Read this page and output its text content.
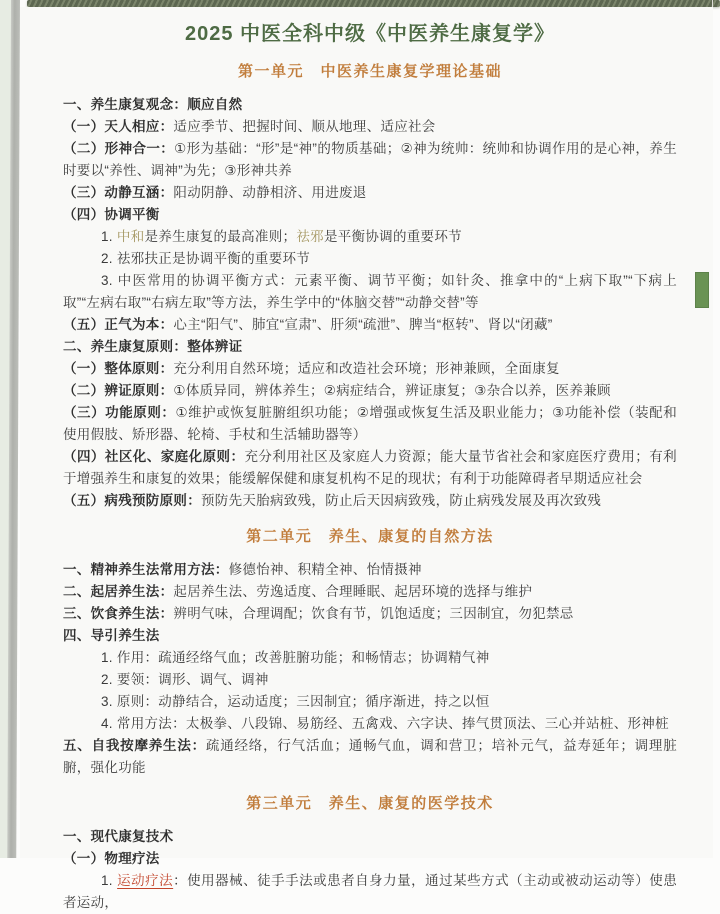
2025 中医全科中级《中医养生康复学》
第一单元　中医养生康复学理论基础

一、养生康复观念：顺应自然

（一）天人相应：适应季节、把握时间、顺从地理、适应社会

（二）形神合一：①形为基础：“形”是“神”的物质基础；②神为统帅：统帅和协调作用的是心神，养生时要以“养性、调神”为先；③形神共养

（三）动静互涵：阳动阴静、动静相济、用进废退

（四）协调平衡

1. 中和是养生康复的最高准则；祛邪是平衡协调的重要环节

2. 祛邪扶正是协调平衡的重要环节

3. 中医常用的协调平衡方式：元素平衡、调节平衡；如针灸、推拿中的“上病下取”“下病上取”“左病右取”“右病左取”等方法，养生学中的“体脑交替”“动静交替”等

（五）正气为本：心主“阳气”、肺宜“宣肃”、肝须“疏泄”、脾当“枢转”、肾以“闭藏”

二、养生康复原则：整体辨证

（一）整体原则：充分利用自然环境；适应和改造社会环境；形神兼顾，全面康复

（二）辨证原则：①体质异同，辨体养生；②病症结合，辨证康复；③杂合以养，医养兼顾

（三）功能原则：①维护或恢复脏腑组织功能；②增强或恢复生活及职业能力；③功能补偿（装配和使用假肢、矫形器、轮椅、手杖和生活辅助器等）

（四）社区化、家庭化原则：充分利用社区及家庭人力资源；能大量节省社会和家庭医疗费用；有利于增强养生和康复的效果；能缓解保健和康复机构不足的现状；有利于功能障碍者早期适应社会

（五）病残预防原则：预防先天胎病致残，防止后天因病致残，防止病残发展及再次致残

第二单元　养生、康复的自然方法

一、精神养生法常用方法：修德怡神、积精全神、怡情摄神

二、起居养生法：起居养生法、劳逸适度、合理睡眠、起居环境的选择与维护

三、饮食养生法：辨明气味，合理调配；饮食有节，饥饱适度；三因制宜，勿犯禁忌

四、导引养生法

1. 作用：疏通经络气血；改善脏腑功能；和畅情志；协调精气神

2. 要领：调形、调气、调神

3. 原则：动静结合，运动适度；三因制宜；循序渐进，持之以恒

4. 常用方法：太极拳、八段锦、易筋经、五禽戏、六字诀、捧气贯顶法、三心并站桩、形神桩

五、自我按摩养生法：疏通经络，行气活血；通畅气血，调和营卫；培补元气，益寿延年；调理脏腑，强化功能

第三单元　养生、康复的医学技术

一、现代康复技术

（一）物理疗法

1. 运动疗法：使用器械、徒手手法或患者自身力量，通过某些方式（主动或被动运动等）使患者运动，
